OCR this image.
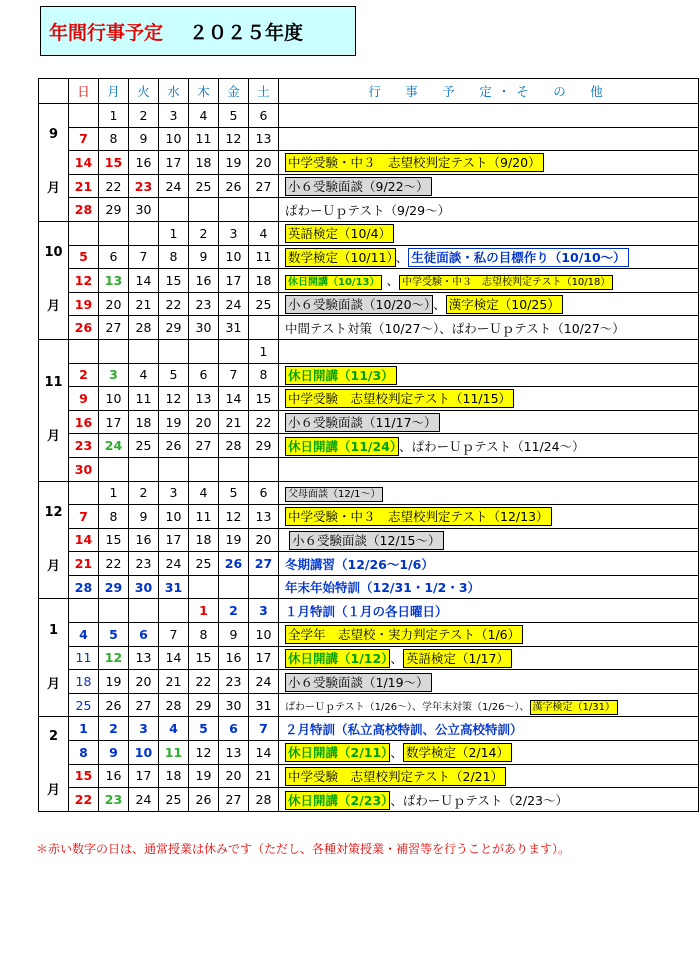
年間行事予定 ２０２５年度
	日	月	火	水	木	金	土	行　事　予　定・そ　の　他

9
月		1	2	3	4	5	6	
	7	8	9	10	11	12	13	
	14	15	16	17	18	19	20	中学受験・中３　志望校判定テスト（9/20）
	21	22	23	24	25	26	27	小６受験面談（9/22～）
	28	29	30					ぱわーＵｐテスト（9/29～）

10
月				1	2	3	4	英語検定（10/4）
	5	6	7	8	9	10	11	数学検定（10/11） 、 生徒面談・私の目標作り（10/10～）
	12	13	14	15	16	17	18	休日開講（10/13） 、 中学受験・中３　志望校判定テスト（10/18）
	19	20	21	22	23	24	25	小６受験面談（10/20～） 、 漢字検定（10/25）
	26	27	28	29	30	31		中間テスト対策（10/27～）、ぱわーＵｐテスト（10/27～）

11
月							1	
	2	3	4	5	6	7	8	休日開講（11/3）
	9	10	11	12	13	14	15	中学受験　志望校判定テスト（11/15）
	16	17	18	19	20	21	22	小６受験面談（11/17～）
	23	24	25	26	27	28	29	休日開講（11/24） 、ぱわーＵｐテスト（11/24～）
	30							

12
月		1	2	3	4	5	6	父母面談（12/1～）
	7	8	9	10	11	12	13	中学受験・中３　志望校判定テスト（12/13）
	14	15	16	17	18	19	20	小６受験面談（12/15～）
	21	22	23	24	25	26	27	冬期講習（12/26～1/6）
	28	29	30	31				年末年始特訓（12/31・1/2・3）

1
月					1	2	3	１月特訓（１月の各日曜日）
	4	5	6	7	8	9	10	全学年　志望校・実力判定テスト（1/6）
	11	12	13	14	15	16	17	休日開講（1/12） 、 英語検定（1/17）
	18	19	20	21	22	23	24	小６受験面談（1/19～）
	25	26	27	28	29	30	31	ぱわーＵｐテスト（1/26～）、学年末対策（1/26～）、 漢字検定（1/31）

2
月	1	2	3	4	5	6	7	２月特訓（私立高校特訓、公立高校特訓）
	8	9	10	11	12	13	14	休日開講（2/11） 、 数学検定（2/14）
	15	16	17	18	19	20	21	中学受験　志望校判定テスト（2/21）
	22	23	24	25	26	27	28	休日開講（2/23） 、ぱわーＵｐテスト（2/23～）
＊赤い数字の日は、通常授業は休みです（ただし、各種対策授業・補習等を行うことがあります）。
